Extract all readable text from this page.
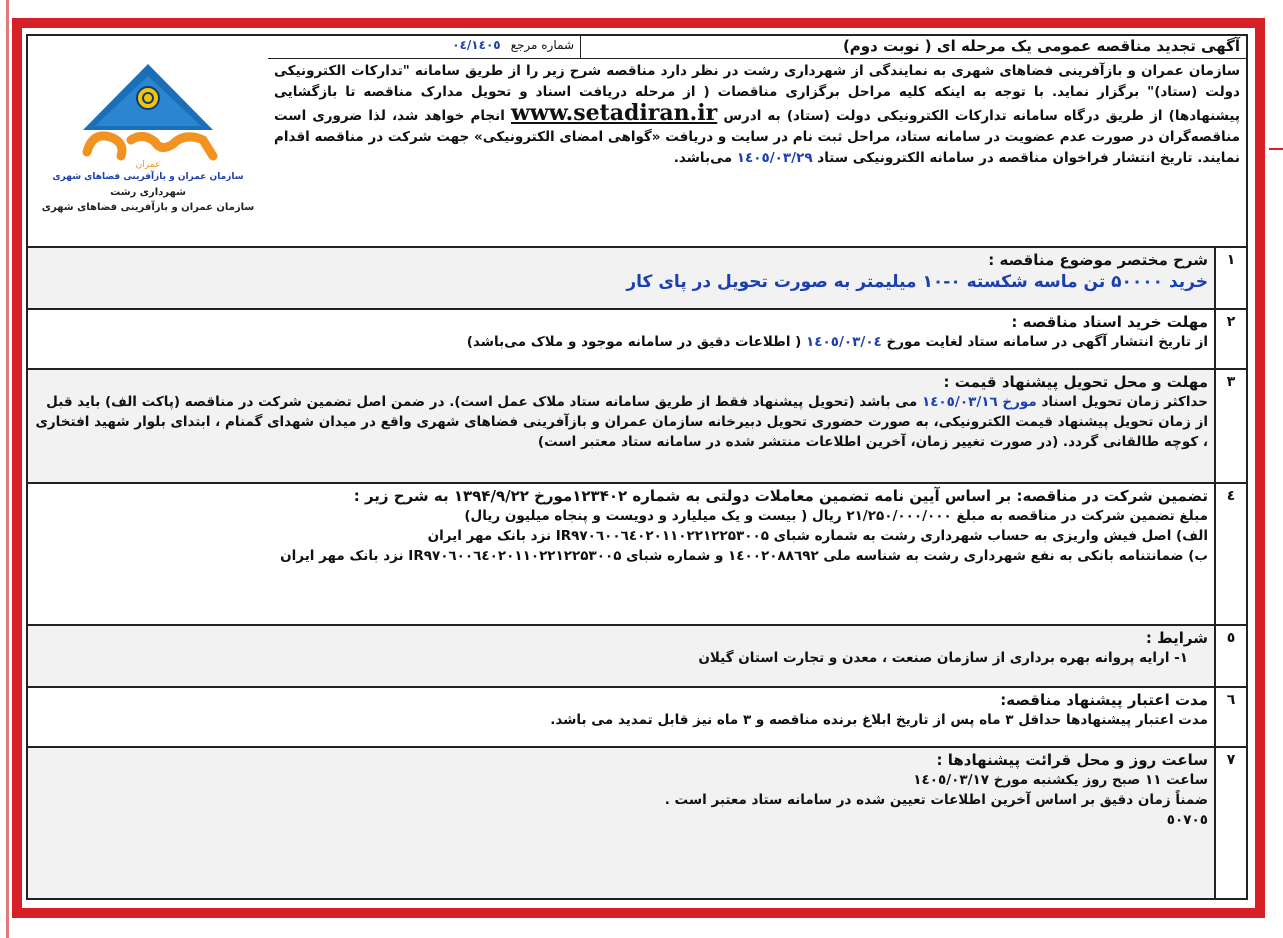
آگهی تجدید مناقصه عمومی یک مرحله ای ( نوبت دوم)
شماره مرجع
۱٤۰٥/۰٤
سازمان عمران و بازآفرینی فضاهای شهری به نمایندگی از شهرداری رشت در نظر دارد مناقصه شرح زیر را از طریق سامانه "تدارکات الکترونیکی دولت (ستاد)" برگزار نماید. با توجه به اینکه کلیه مراحل برگزاری مناقصات ( از مرحله دریافت اسناد و تحویل مدارک مناقصه تا بازگشایی پیشنهادها) از طریق درگاه سامانه تدارکات الکترونیکی دولت (ستاد) به ادرس www.setadiran.ir انجام خواهد شد، لذا ضروری است مناقصه‌گران در صورت عدم عضویت در سامانه ستاد، مراحل ثبت نام در سایت و دریافت «گواهی امضای الکترونیکی» جهت شرکت در مناقصه اقدام نمایند. تاریخ انتشار فراخوان مناقصه در سامانه الکترونیکی ستاد ۱٤۰٥/۰۳/۲۹ می‌باشد.
عمران
سازمان عمران و بازآفرینی فضاهای شهری
شهرداری رشت
سازمان عمران و بازآفرینی فضاهای شهری
۱

شرح مختصر موضوع مناقصه :

خرید ۵۰۰۰۰ تن ماسه شکسته ۰-۱۰ میلیمتر به صورت تحویل در پای کار

۲

مهلت خرید اسناد مناقصه :

از تاریخ انتشار آگهی در سامانه ستاد لغایت مورخ ۱٤۰٥/۰۳/۰٤ ( اطلاعات دقیق در سامانه موجود و ملاک می‌باشد)

۳

مهلت و محل تحویل پیشنهاد قیمت :

حداکثر زمان تحویل اسناد مورخ ۱٤۰٥/۰۳/۱٦ می باشد (تحویل پیشنهاد فقط از طریق سامانه ستاد ملاک عمل است). در ضمن اصل تضمین شرکت در مناقصه (پاکت الف) باید قبل از زمان تحویل پیشنهاد قیمت الکترونیکی، به صورت حضوری تحویل دبیرخانه سازمان عمران و بازآفرینی فضاهای شهری واقع در میدان شهدای گمنام ، ابتدای بلوار شهید افتخاری ، کوچه طالقانی گردد. (در صورت تغییر زمان، آخرین اطلاعات منتشر شده در سامانه ستاد معتبر است)

٤

تضمین شرکت در مناقصه: بر اساس آیین نامه تضمین معاملات دولتی به شماره ۱۲۳۴۰۲مورخ ۱۳۹۴/۹/۲۲ به شرح زیر :

مبلغ تضمین شرکت در مناقصه به مبلغ ۲۱/۲۵۰/۰۰۰/۰۰۰ ریال ( بیست و یک میلیارد و دویست و پنجاه میلیون ریال)

الف) اصل فیش واریزی به حساب شهرداری رشت به شماره شبای IR۹۷۰٦۰۰٦٤۰۲۰۱۱۰۲۲۱۲۲۵۳۰۰۵ نزد بانک مهر ایران

ب) ضمانتنامه بانکی به نفع شهرداری رشت به شناسه ملی ۱٤۰۰۲۰۸۸٦۹۲ و شماره شبای IR۹۷۰٦۰۰٦٤۰۲۰۱۱۰۲۲۱۲۲۵۳۰۰۵ نزد بانک مهر ایران

٥

شرایط :

۱- ارایه پروانه بهره برداری از سازمان صنعت ، معدن و تجارت استان گیلان

٦

مدت اعتبار پیشنهاد مناقصه:

مدت اعتبار پیشنهادها حداقل ۳ ماه پس از تاریخ ابلاغ برنده مناقصه و ۳ ماه نیز قابل تمدید می باشد.

۷

ساعت روز و محل قرائت پیشنهادها :

ساعت ۱۱ صبح روز یکشنبه مورخ ۱٤۰٥/۰۳/۱۷

ضمناً زمان دقیق بر اساس آخرین اطلاعات تعیین شده در سامانه ستاد معتبر است .

٥۰۷۰٥
